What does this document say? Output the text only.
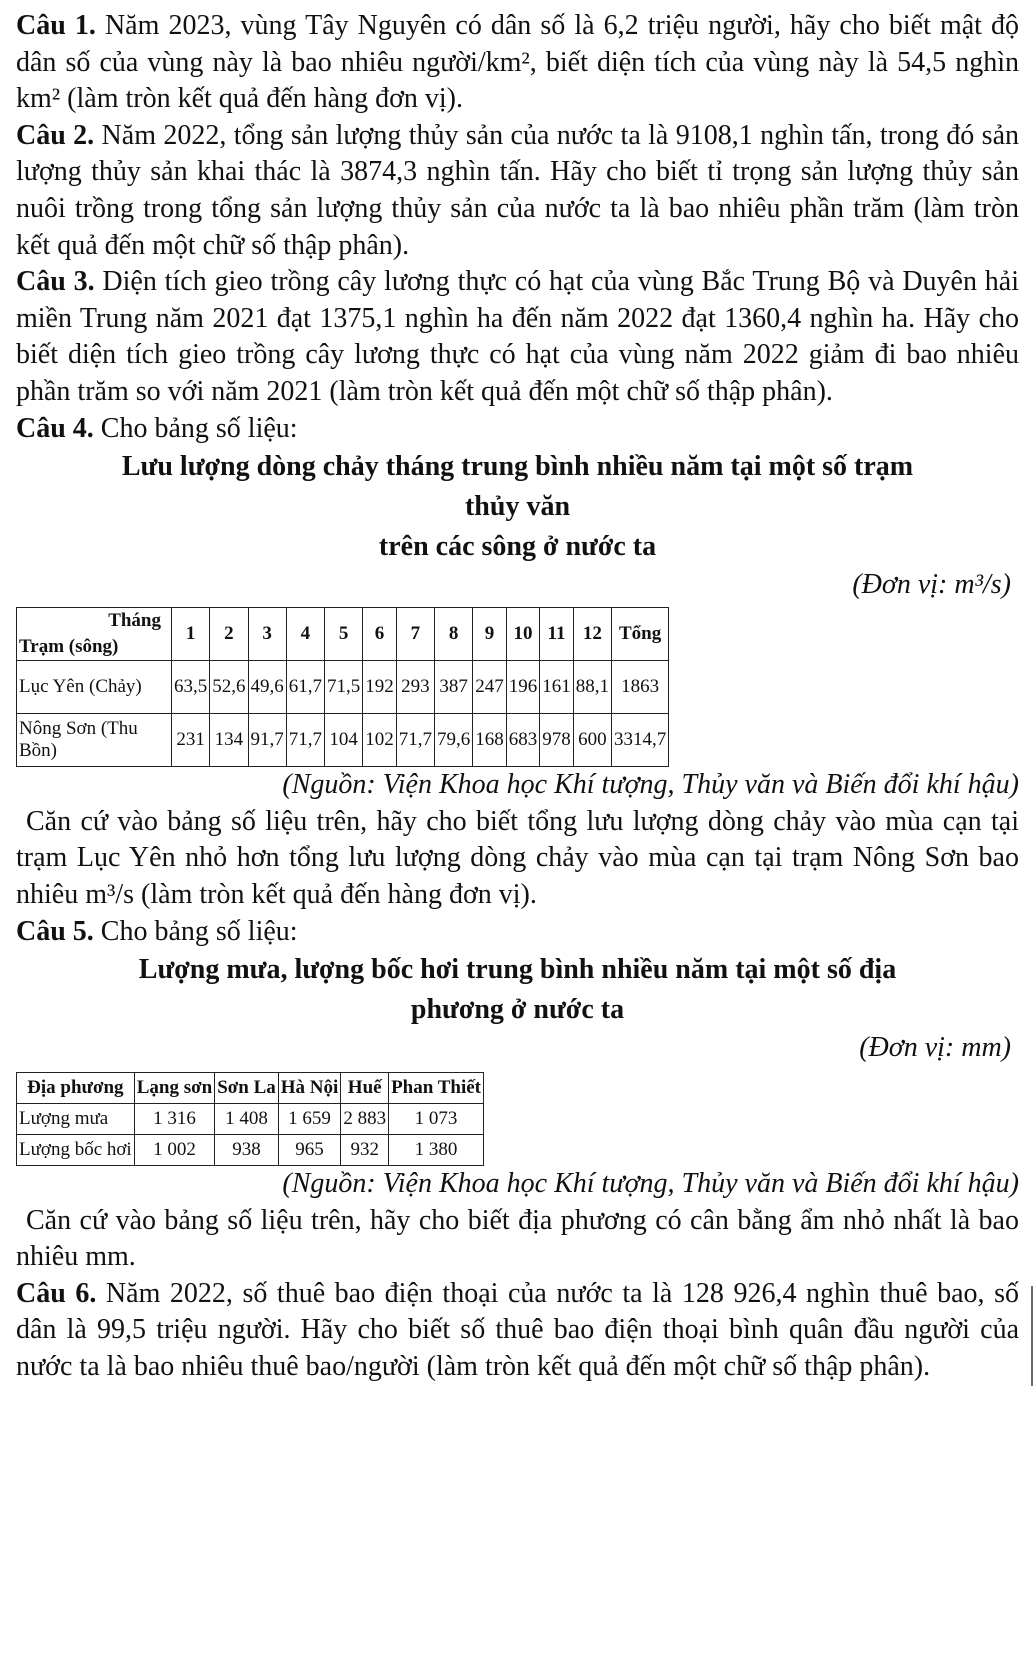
Câu 1. Năm 2023, vùng Tây Nguyên có dân số là 6,2 triệu người, hãy cho biết mật độ dân số của vùng này là bao nhiêu người/km², biết diện tích của vùng này là 54,5 nghìn km² (làm tròn kết quả đến hàng đơn vị).

Câu 2. Năm 2022, tổng sản lượng thủy sản của nước ta là 9108,1 nghìn tấn, trong đó sản lượng thủy sản khai thác là 3874,3 nghìn tấn. Hãy cho biết tỉ trọng sản lượng thủy sản nuôi trồng trong tổng sản lượng thủy sản của nước ta là bao nhiêu phần trăm (làm tròn kết quả đến một chữ số thập phân).

Câu 3. Diện tích gieo trồng cây lương thực có hạt của vùng Bắc Trung Bộ và Duyên hải miền Trung năm 2021 đạt 1375,1 nghìn ha đến năm 2022 đạt 1360,4 nghìn ha. Hãy cho biết diện tích gieo trồng cây lương thực có hạt của vùng năm 2022 giảm đi bao nhiêu phần trăm so với năm 2021 (làm tròn kết quả đến một chữ số thập phân).

Câu 4. Cho bảng số liệu:

Lưu lượng dòng chảy tháng trung bình nhiều năm tại một số trạm
thủy văn
trên các sông ở nước ta
(Đơn vị: m³/s)
Tháng
Trạm (sông)	1	2	3	4	5	6	7	8	9	10	11	12	Tổng
Lục Yên (Chảy)	63,5	52,6	49,6	61,7	71,5	192	293	387	247	196	161	88,1	1863
Nông Sơn (Thu Bồn)	231	134	91,7	71,7	104	102	71,7	79,6	168	683	978	600	3314,7
(Nguồn: Viện Khoa học Khí tượng, Thủy văn và Biến đổi khí hậu)

Căn cứ vào bảng số liệu trên, hãy cho biết tổng lưu lượng dòng chảy vào mùa cạn tại trạm Lục Yên nhỏ hơn tổng lưu lượng dòng chảy vào mùa cạn tại trạm Nông Sơn bao nhiêu m³/s (làm tròn kết quả đến hàng đơn vị).

Câu 5. Cho bảng số liệu:

Lượng mưa, lượng bốc hơi trung bình nhiều năm tại một số địa
phương ở nước ta
(Đơn vị: mm)
Địa phương	Lạng sơn	Sơn La	Hà Nội	Huế	Phan Thiết
Lượng mưa	1 316	1 408	1 659	2 883	1 073
Lượng bốc hơi	1 002	938	965	932	1 380
(Nguồn: Viện Khoa học Khí tượng, Thủy văn và Biến đổi khí hậu)

Căn cứ vào bảng số liệu trên, hãy cho biết địa phương có cân bằng ẩm nhỏ nhất là bao nhiêu mm.

Câu 6. Năm 2022, số thuê bao điện thoại của nước ta là 128 926,4 nghìn thuê bao, số dân là 99,5 triệu người. Hãy cho biết số thuê bao điện thoại bình quân đầu người của nước ta là bao nhiêu thuê bao/người (làm tròn kết quả đến một chữ số thập phân).
